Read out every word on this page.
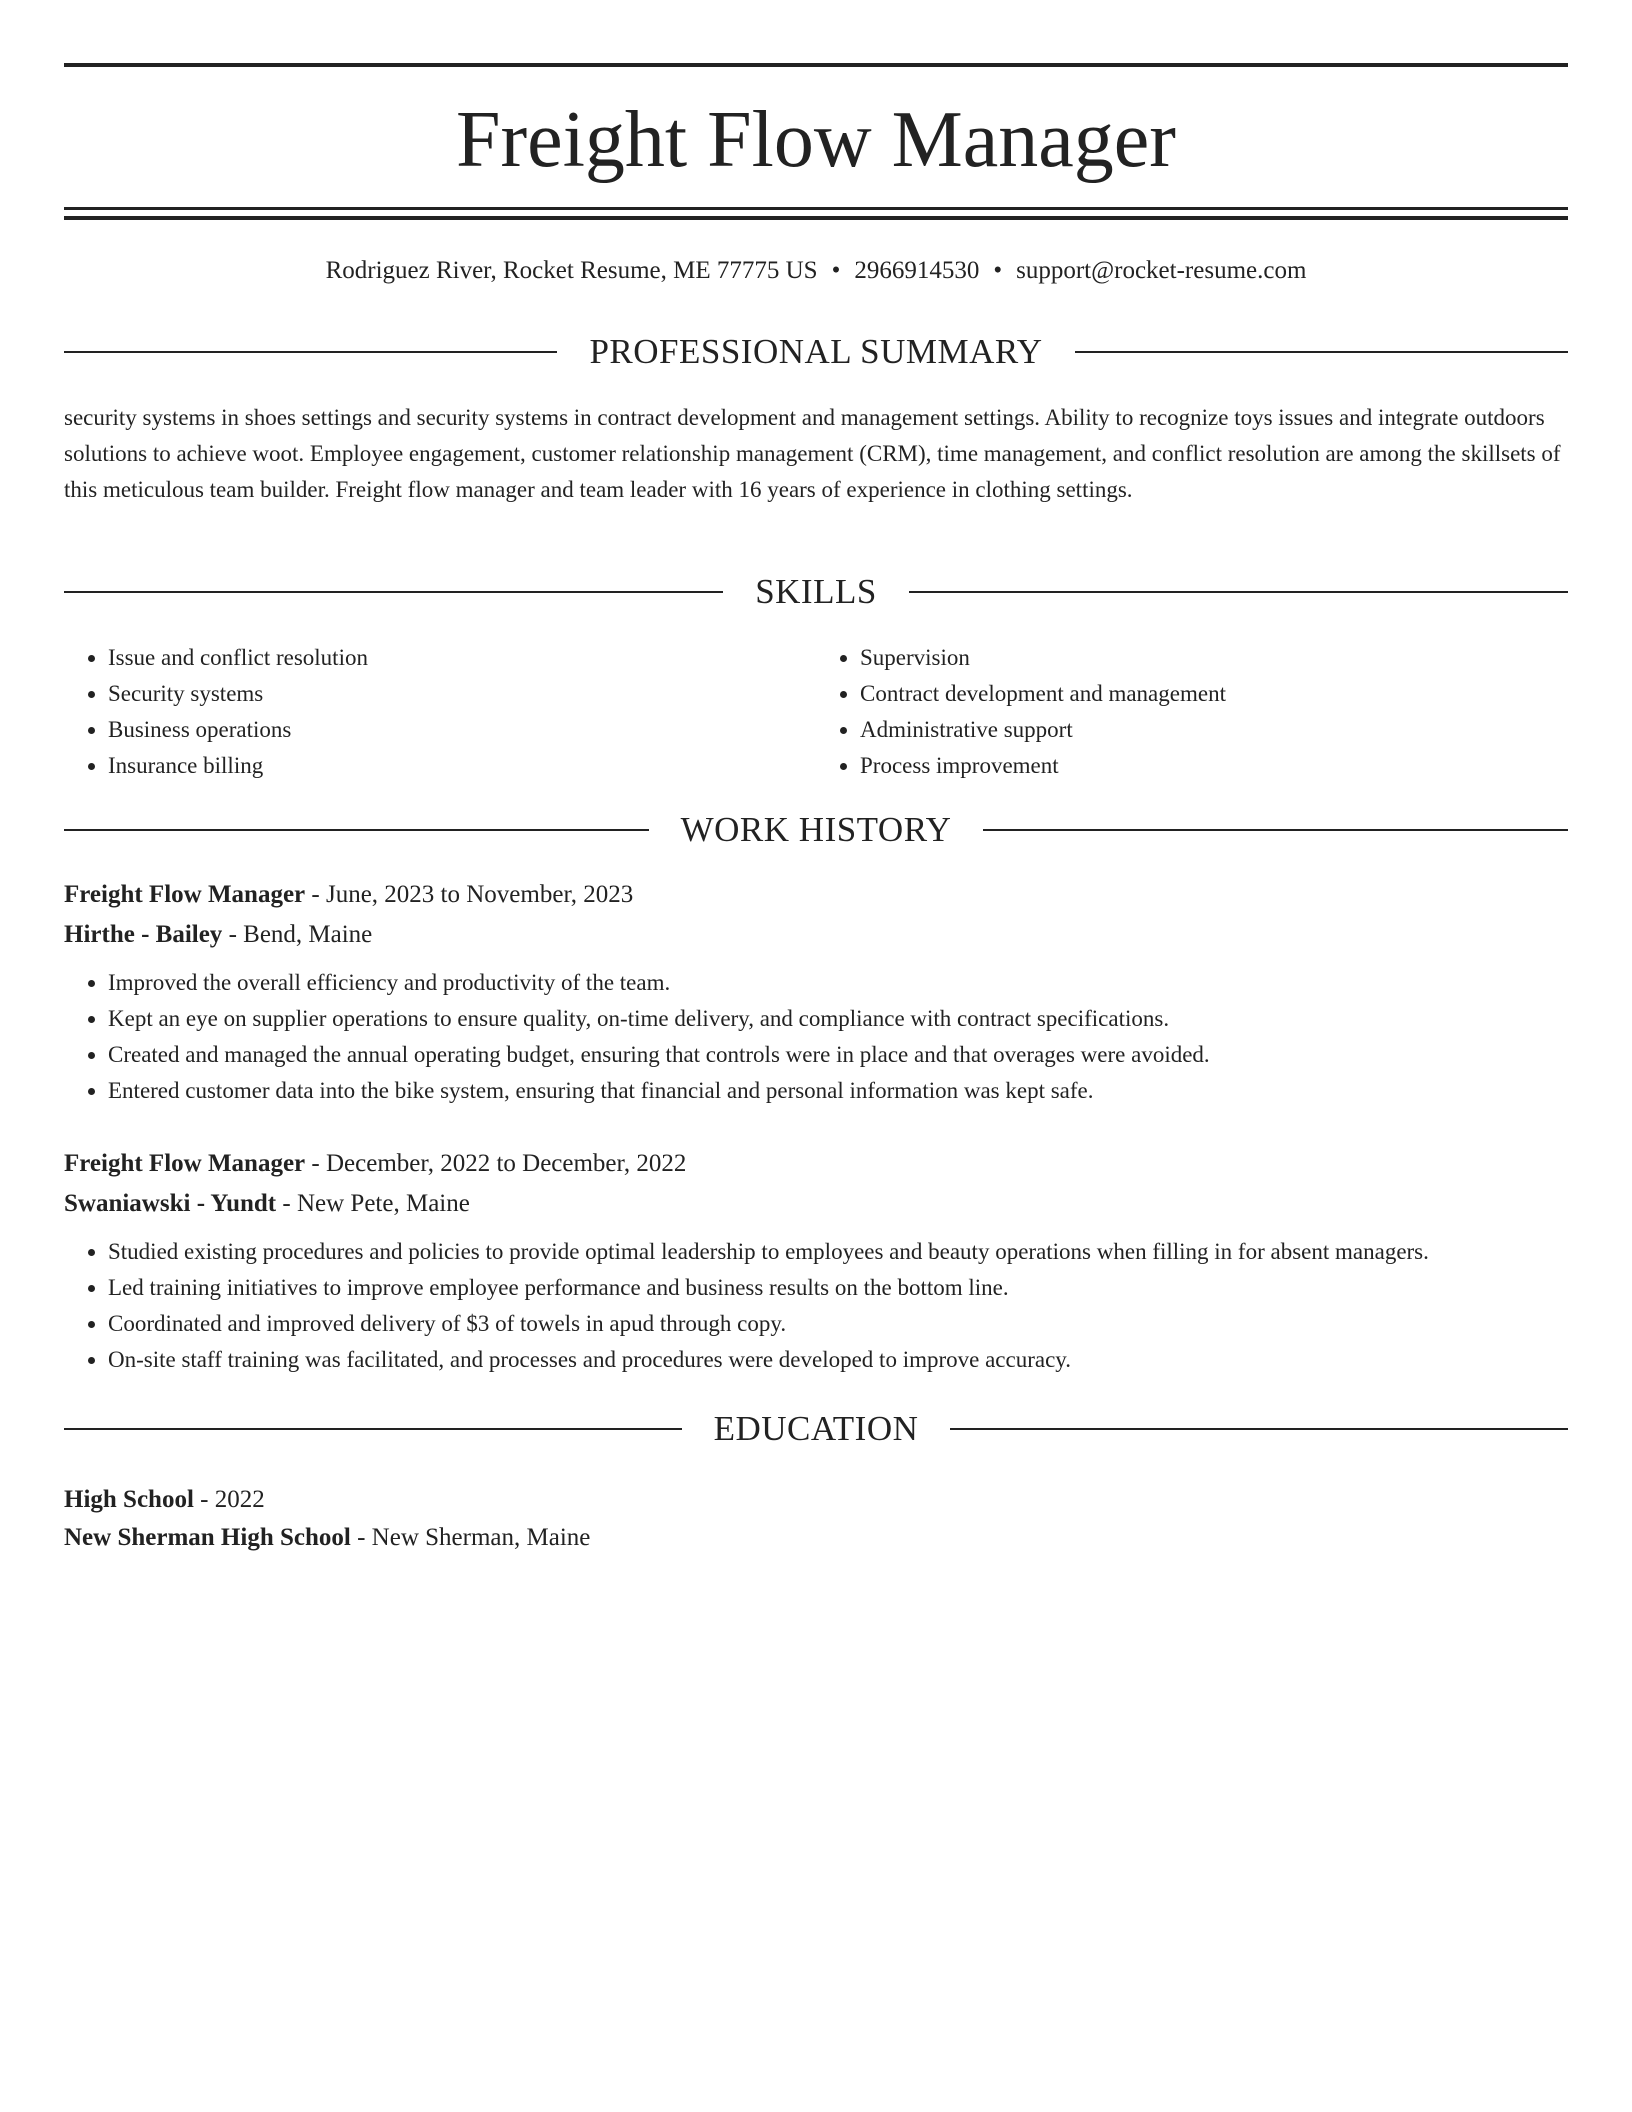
Freight Flow Manager
Rodriguez River, Rocket Resume, ME 77775 US • 2966914530 • support@rocket-resume.com
PROFESSIONAL SUMMARY

security systems in shoes settings and security systems in contract development and management settings. Ability to recognize toys issues and integrate outdoors solutions to achieve woot. Employee engagement, customer relationship management (CRM), time management, and conflict resolution are among the skillsets of this meticulous team builder. Freight flow manager and team leader with 16 years of experience in clothing settings.

SKILLS
• Issue and conflict resolution
• Security systems
• Business operations
• Insurance billing
• Supervision
• Contract development and management
• Administrative support
• Process improvement
WORK HISTORY
Freight Flow Manager - June, 2023 to November, 2023
Hirthe - Bailey - Bend, Maine
• Improved the overall efficiency and productivity of the team.
• Kept an eye on supplier operations to ensure quality, on-time delivery, and compliance with contract specifications.
• Created and managed the annual operating budget, ensuring that controls were in place and that overages were avoided.
• Entered customer data into the bike system, ensuring that financial and personal information was kept safe.
Freight Flow Manager - December, 2022 to December, 2022
Swaniawski - Yundt - New Pete, Maine
• Studied existing procedures and policies to provide optimal leadership to employees and beauty operations when filling in for absent managers.
• Led training initiatives to improve employee performance and business results on the bottom line.
• Coordinated and improved delivery of $3 of towels in apud through copy.
• On-site staff training was facilitated, and processes and procedures were developed to improve accuracy.
EDUCATION
High School - 2022
New Sherman High School - New Sherman, Maine
